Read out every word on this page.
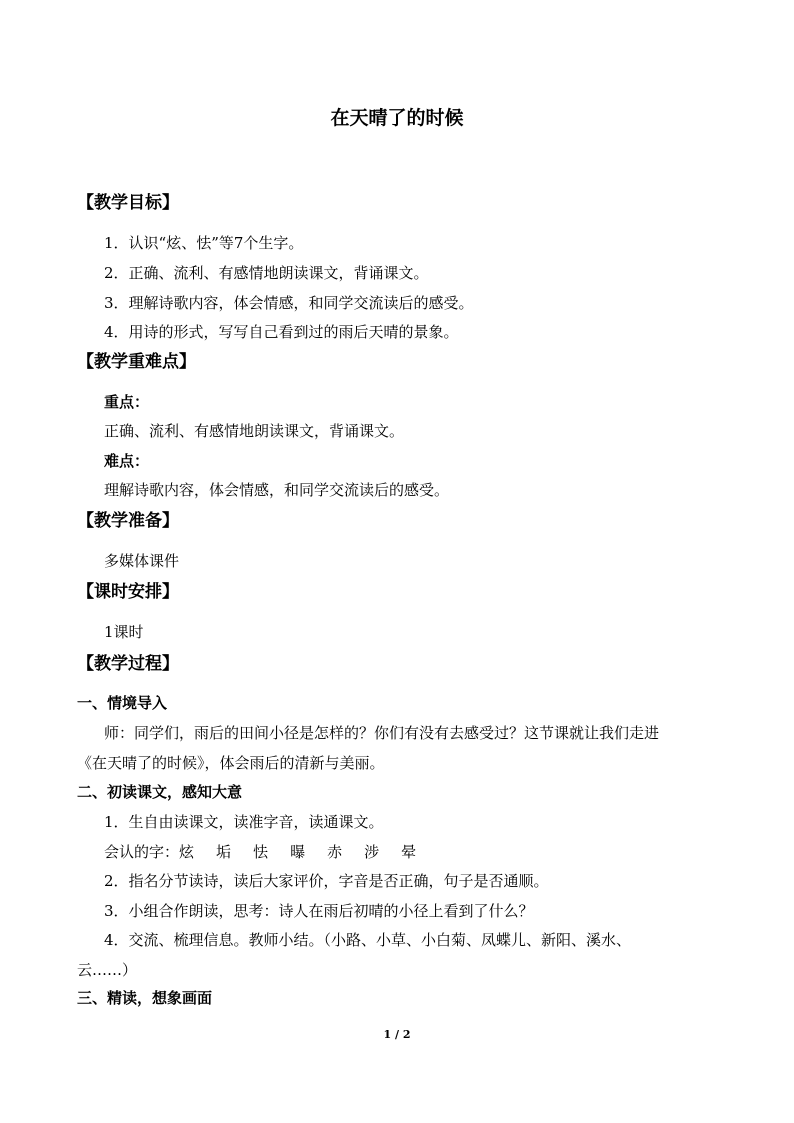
在天晴了的时候
【教学目标】
1．认识“炫、怯”等7个生字。
2．正确、流利、有感情地朗读课文，背诵课文。
3．理解诗歌内容，体会情感，和同学交流读后的感受。
4．用诗的形式，写写自己看到过的雨后天晴的景象。
【教学重难点】
重点：
正确、流利、有感情地朗读课文，背诵课文。
难点：
理解诗歌内容，体会情感，和同学交流读后的感受。
【教学准备】
多媒体课件
【课时安排】
1课时
【教学过程】
一、情境导入
师：同学们，雨后的田间小径是怎样的？你们有没有去感受过？这节课就让我们走进
《在天晴了的时候》，体会雨后的清新与美丽。
二、初读课文，感知大意
1．生自由读课文，读准字音，读通课文。
会认的字：炫 垢 怯 曝 赤 涉 晕
2．指名分节读诗，读后大家评价，字音是否正确，句子是否通顺。
3．小组合作朗读，思考：诗人在雨后初晴的小径上看到了什么？
4．交流、梳理信息。教师小结。（小路、小草、小白菊、凤蝶儿、新阳、溪水、
云……）
三、精读，想象画面
1 / 2
